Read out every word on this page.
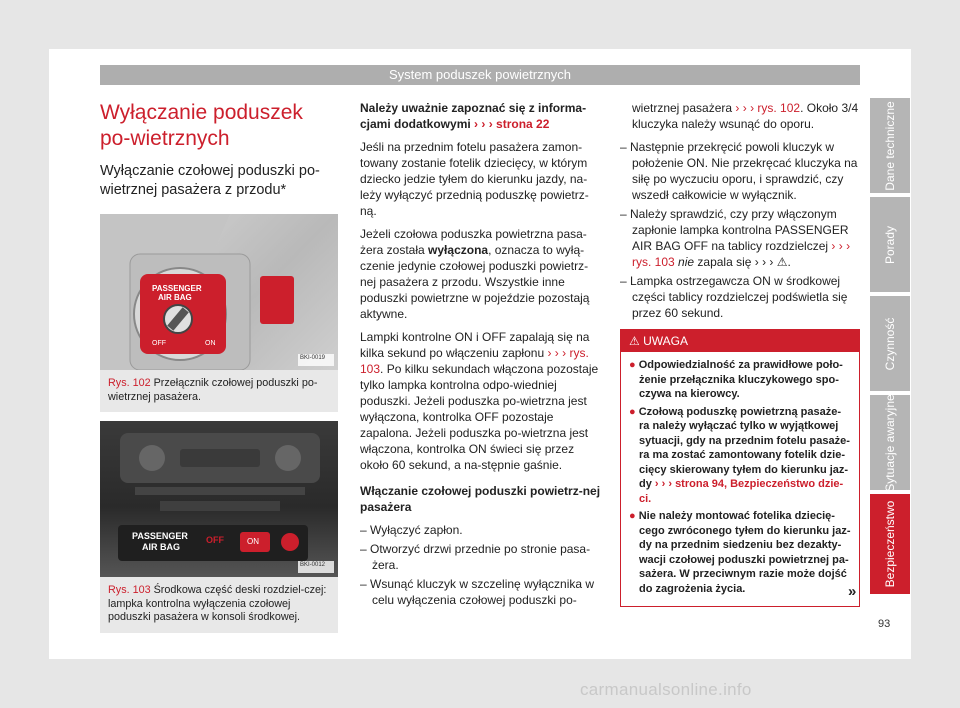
System poduszek powietrznych
Wyłączanie poduszek po-wietrznych
Wyłączanie czołowej poduszki po-wietrznej pasażera z przodu*
PASSENGER
AIR BAG
OFF	ON
BKI-0019
Rys. 102 Przełącznik czołowej poduszki po-wietrznej pasażera.
PASSENGER
AIR BAG
OFF	ON
BKI-0012
Rys. 103 Środkowa część deski rozdziel-czej: lampka kontrolna wyłączenia czołowej poduszki pasażera w konsoli środkowej.

Należy uważnie zapoznać się z informa-cjami dodatkowymi › › › strona 22

Jeśli na przednim fotelu pasażera zamon-towany zostanie fotelik dziecięcy, w którym dziecko jedzie tyłem do kierunku jazdy, na-leży wyłączyć przednią poduszkę powietrz-ną.

Jeżeli czołowa poduszka powietrzna pasa-żera została wyłączona, oznacza to wyłą-czenie jedynie czołowej poduszki powietrz-nej pasażera z przodu. Wszystkie inne poduszki powietrzne w pojeździe pozostają aktywne.

Lampki kontrolne ON i OFF zapalają się na kilka sekund po włączeniu zapłonu › › › rys. 103. Po kilku sekundach włączona pozostaje tylko lampka kontrolna odpo-wiedniej poduszki. Jeżeli poduszka po-wietrzna jest wyłączona, kontrolka OFF pozostaje zapalona. Jeżeli poduszka po-wietrzna jest włączona, kontrolka ON świeci się przez około 60 sekund, a na-stępnie gaśnie.

Włączanie czołowej poduszki powietrz-nej pasażera

– Wyłączyć zapłon.
– Otworzyć drzwi przednie po stronie pasa-żera.
– Wsunąć kluczyk w szczelinę wyłącznika w celu wyłączenia czołowej poduszki po-

wietrznej pasażera › › › rys. 102. Około 3/4 kluczyka należy wsunąć do oporu.

– Następnie przekręcić powoli kluczyk w położenie ON. Nie przekręcać kluczyka na siłę po wyczuciu oporu, i sprawdzić, czy wszedł całkowicie w wyłącznik.
– Należy sprawdzić, czy przy włączonym zapłonie lampka kontrolna PASSENGER AIR BAG OFF na tablicy rozdzielczej › › › rys. 103 nie zapala się › › › ⚠.
– Lampka ostrzegawcza ON w środkowej części tablicy rozdzielczej podświetla się przez 60 sekund.
⚠ UWAGA
● Odpowiedzialność za prawidłowe poło-żenie przełącznika kluczykowego spo-czywa na kierowcy.
● Czołową poduszkę powietrzną pasaże-ra należy wyłączać tylko w wyjątkowej sytuacji, gdy na przednim fotelu pasaże-ra ma zostać zamontowany fotelik dzie-cięcy skierowany tyłem do kierunku jaz-dy › › › strona 94, Bezpieczeństwo dzie-ci.
● Nie należy montować fotelika dziecię-cego zwróconego tyłem do kierunku jaz-dy na przednim siedzeniu bez dezakty-wacji czołowej poduszki powietrznej pa-sażera. W przeciwnym razie może dojść do zagrożenia życia.	»
Dane techniczne
Porady
Czynność
Sytuacje awaryjne
Bezpieczeństwo
93
carmanualsonline.info
